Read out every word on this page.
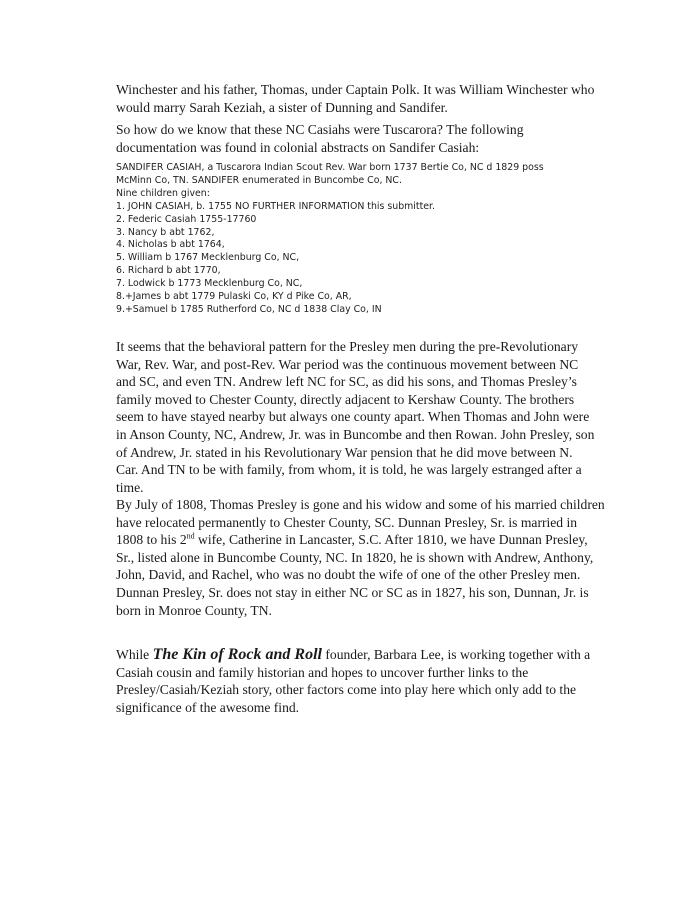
Winchester and his father, Thomas, under Captain Polk. It was William Winchester who
would marry Sarah Keziah, a sister of Dunning and Sandifer.
So how do we know that these NC Casiahs were Tuscarora? The following
documentation was found in colonial abstracts on Sandifer Casiah:
SANDIFER CASIAH, a Tuscarora Indian Scout Rev. War born 1737 Bertie Co, NC d 1829 poss
McMinn Co, TN. SANDIFER enumerated in Buncombe Co, NC.
Nine children given:
1. JOHN CASIAH, b. 1755 NO FURTHER INFORMATION this submitter.
2. Federic Casiah 1755-17760
3. Nancy b abt 1762,
4. Nicholas b abt 1764,
5. William b 1767 Mecklenburg Co, NC,
6. Richard b abt 1770,
7. Lodwick b 1773 Mecklenburg Co, NC,
8.+James b abt 1779 Pulaski Co, KY d Pike Co, AR,
9.+Samuel b 1785 Rutherford Co, NC d 1838 Clay Co, IN
It seems that the behavioral pattern for the Presley men during the pre-Revolutionary
War, Rev. War, and post-Rev. War period was the continuous movement between NC
and SC, and even TN. Andrew left NC for SC, as did his sons, and Thomas Presley’s
family moved to Chester County, directly adjacent to Kershaw County. The brothers
seem to have stayed nearby but always one county apart. When Thomas and John were
in Anson County, NC, Andrew, Jr. was in Buncombe and then Rowan. John Presley, son
of Andrew, Jr. stated in his Revolutionary War pension that he did move between N.
Car. And TN to be with family, from whom, it is told, he was largely estranged after a
time.
By July of 1808, Thomas Presley is gone and his widow and some of his married children
have relocated permanently to Chester County, SC. Dunnan Presley, Sr. is married in
1808 to his 2nd wife, Catherine in Lancaster, S.C. After 1810, we have Dunnan Presley,
Sr., listed alone in Buncombe County, NC. In 1820, he is shown with Andrew, Anthony,
John, David, and Rachel, who was no doubt the wife of one of the other Presley men.
Dunnan Presley, Sr. does not stay in either NC or SC as in 1827, his son, Dunnan, Jr. is
born in Monroe County, TN.
While The Kin of Rock and Roll founder, Barbara Lee, is working together with a
Casiah cousin and family historian and hopes to uncover further links to the
Presley/Casiah/Keziah story, other factors come into play here which only add to the
significance of the awesome find.
